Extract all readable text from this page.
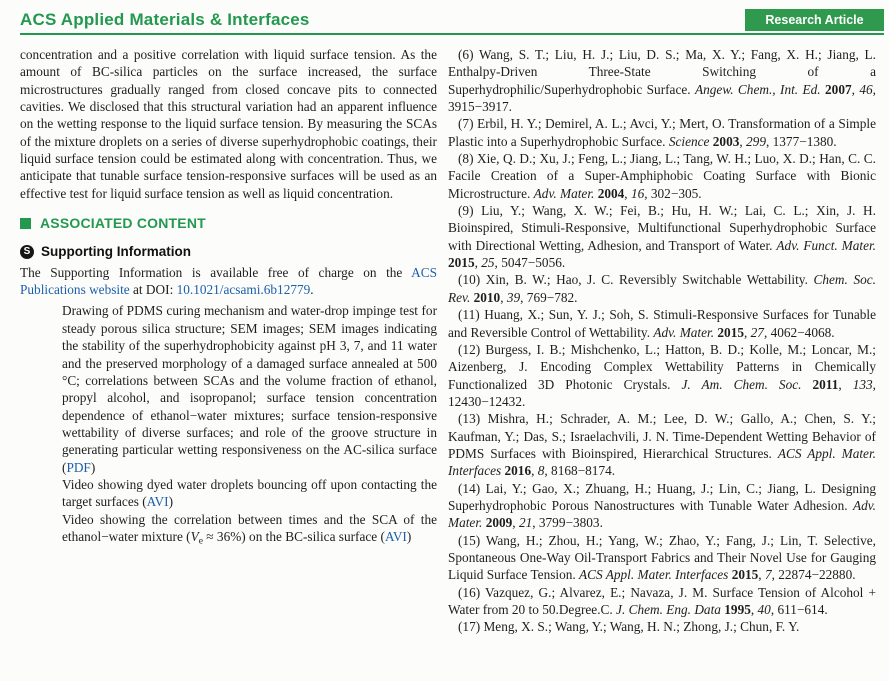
ACS Applied Materials & Interfaces	Research Article

concentration and a positive correlation with liquid surface tension. As the amount of BC-silica particles on the surface increased, the surface microstructures gradually ranged from closed concave pits to connected cavities. We disclosed that this structural variation had an apparent influence on the wetting response to the liquid surface tension. By measuring the SCAs of the mixture droplets on a series of diverse superhydrophobic coatings, their liquid surface tension could be estimated along with concentration. Thus, we anticipate that tunable surface tension-responsive surfaces will be used as an effective test for liquid surface tension as well as liquid concentration.

ASSOCIATED CONTENT
S Supporting Information

The Supporting Information is available free of charge on the ACS Publications website at DOI: 10.1021/acsami.6b12779.

Drawing of PDMS curing mechanism and water-drop impinge test for steady porous silica structure; SEM images; SEM images indicating the stability of the superhydrophobicity against pH 3, 7, and 11 water and the preserved morphology of a damaged surface annealed at 500 °C; correlations between SCAs and the volume fraction of ethanol, propyl alcohol, and isopropanol; surface tension concentration dependence of ethanol−water mixtures; surface tension-responsive wettability of diverse surfaces; and role of the groove structure in generating particular wetting responsiveness on the AC-silica surface (PDF)

Video showing dyed water droplets bouncing off upon contacting the target surfaces (AVI)

Video showing the correlation between times and the SCA of the ethanol−water mixture $(V_e \approx 36\%)$ on the BC-silica surface (AVI)

(6) Wang, S. T.; Liu, H. J.; Liu, D. S.; Ma, X. Y.; Fang, X. H.; Jiang, L. Enthalpy-Driven Three-State Switching of a Superhydrophilic/Superhydrophobic Surface. Angew. Chem., Int. Ed. 2007, 46, 3915−3917.

(7) Erbil, H. Y.; Demirel, A. L.; Avci, Y.; Mert, O. Transformation of a Simple Plastic into a Superhydrophobic Surface. Science 2003, 299, 1377−1380.

(8) Xie, Q. D.; Xu, J.; Feng, L.; Jiang, L.; Tang, W. H.; Luo, X. D.; Han, C. C. Facile Creation of a Super-Amphiphobic Coating Surface with Bionic Microstructure. Adv. Mater. 2004, 16, 302−305.

(9) Liu, Y.; Wang, X. W.; Fei, B.; Hu, H. W.; Lai, C. L.; Xin, J. H. Bioinspired, Stimuli-Responsive, Multifunctional Superhydrophobic Surface with Directional Wetting, Adhesion, and Transport of Water. Adv. Funct. Mater. 2015, 25, 5047−5056.

(10) Xin, B. W.; Hao, J. C. Reversibly Switchable Wettability. Chem. Soc. Rev. 2010, 39, 769−782.

(11) Huang, X.; Sun, Y. J.; Soh, S. Stimuli-Responsive Surfaces for Tunable and Reversible Control of Wettability. Adv. Mater. 2015, 27, 4062−4068.

(12) Burgess, I. B.; Mishchenko, L.; Hatton, B. D.; Kolle, M.; Loncar, M.; Aizenberg, J. Encoding Complex Wettability Patterns in Chemically Functionalized 3D Photonic Crystals. J. Am. Chem. Soc. 2011, 133, 12430−12432.

(13) Mishra, H.; Schrader, A. M.; Lee, D. W.; Gallo, A.; Chen, S. Y.; Kaufman, Y.; Das, S.; Israelachvili, J. N. Time-Dependent Wetting Behavior of PDMS Surfaces with Bioinspired, Hierarchical Structures. ACS Appl. Mater. Interfaces 2016, 8, 8168−8174.

(14) Lai, Y.; Gao, X.; Zhuang, H.; Huang, J.; Lin, C.; Jiang, L. Designing Superhydrophobic Porous Nanostructures with Tunable Water Adhesion. Adv. Mater. 2009, 21, 3799−3803.

(15) Wang, H.; Zhou, H.; Yang, W.; Zhao, Y.; Fang, J.; Lin, T. Selective, Spontaneous One-Way Oil-Transport Fabrics and Their Novel Use for Gauging Liquid Surface Tension. ACS Appl. Mater. Interfaces 2015, 7, 22874−22880.

(16) Vazquez, G.; Alvarez, E.; Navaza, J. M. Surface Tension of Alcohol + Water from 20 to 50.Degree.C. J. Chem. Eng. Data 1995, 40, 611−614.

(17) Meng, X. S.; Wang, Y.; Wang, H. N.; Zhong, J.; Chun, F. Y.
